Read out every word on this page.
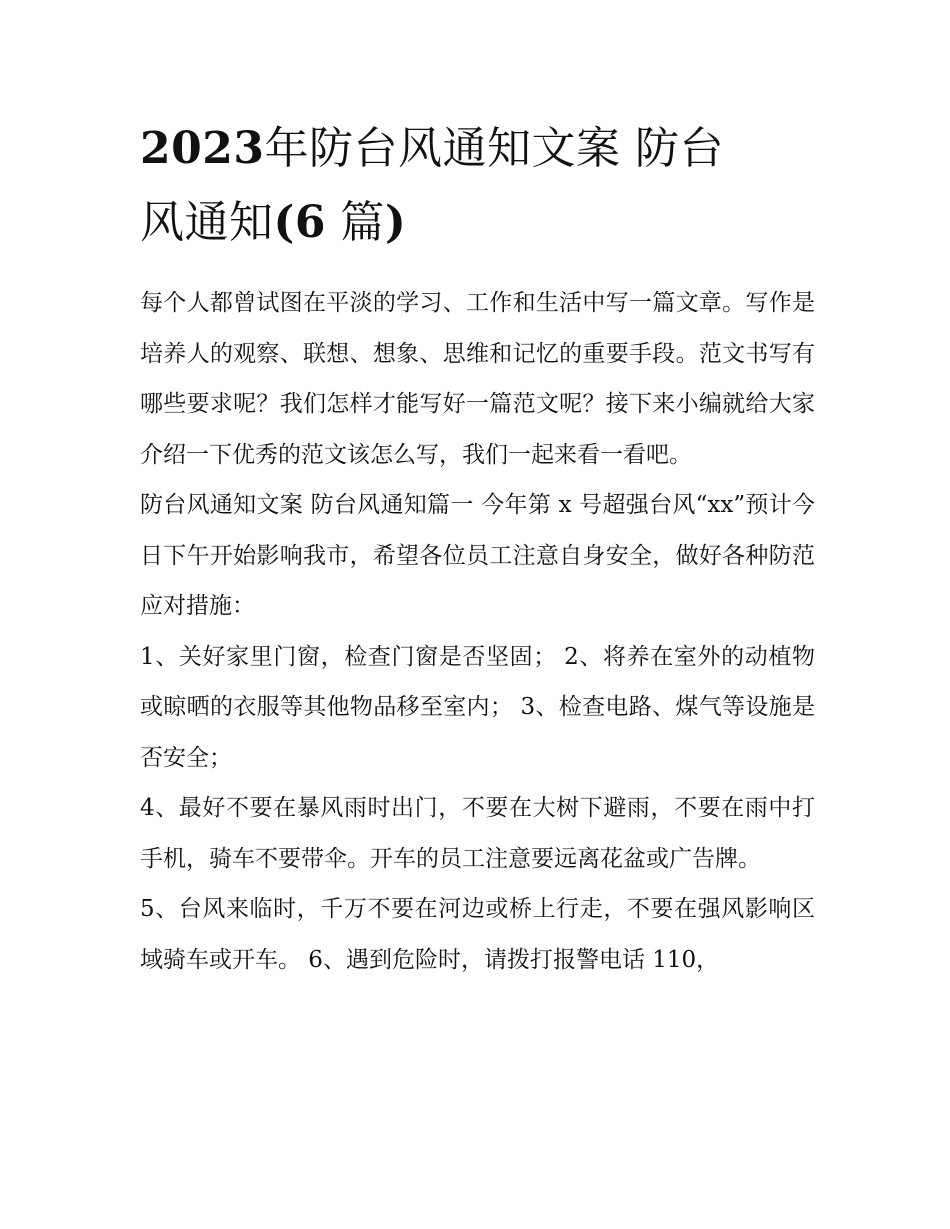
2023年防台风通知文案 防台
风通知(6 篇)

每个人都曾试图在平淡的学习、工作和生活中写一篇文章。写作是培养人的观察、联想、想象、思维和记忆的重要手段。范文书写有哪些要求呢？我们怎样才能写好一篇范文呢？接下来小编就给大家介绍一下优秀的范文该怎么写，我们一起来看一看吧。

防台风通知文案 防台风通知篇一 今年第 x 号超强台风“xx”预计今日下午开始影响我市，希望各位员工注意自身安全，做好各种防范应对措施：

1、关好家里门窗，检查门窗是否坚固； 2、将养在室外的动植物或晾晒的衣服等其他物品移至室内； 3、检查电路、煤气等设施是否安全；

4、最好不要在暴风雨时出门，不要在大树下避雨，不要在雨中打手机，骑车不要带伞。开车的员工注意要远离花盆或广告牌。

5、台风来临时，千万不要在河边或桥上行走，不要在强风影响区域骑车或开车。 6、遇到危险时，请拨打报警电话 110，
